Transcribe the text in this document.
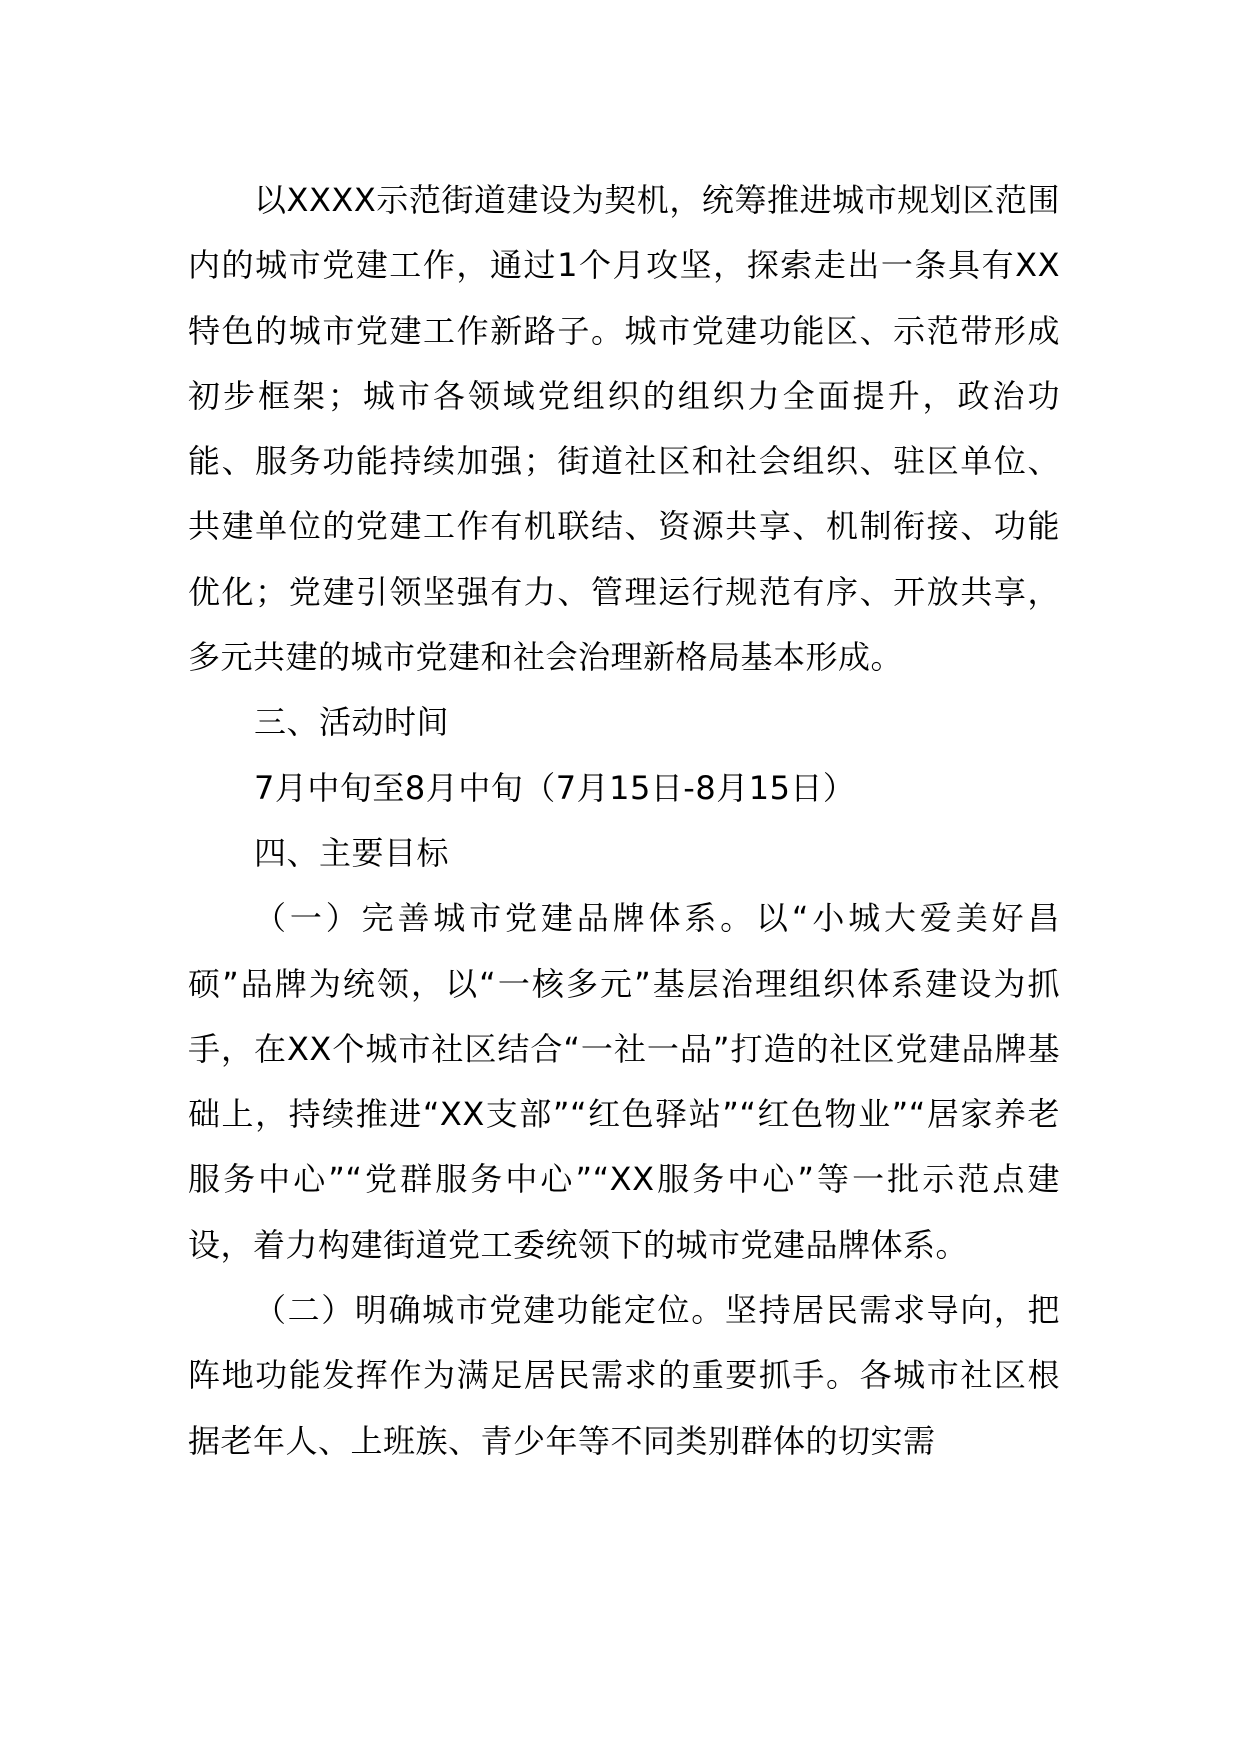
以XXXX示范街道建设为契机，统筹推进城市规划区范围内的城市党建工作，通过1个月攻坚，探索走出一条具有XX特色的城市党建工作新路子。城市党建功能区、示范带形成初步框架；城市各领域党组织的组织力全面提升，政治功能、服务功能持续加强；街道社区和社会组织、驻区单位、共建单位的党建工作有机联结、资源共享、机制衔接、功能优化；党建引领坚强有力、管理运行规范有序、开放共享，多元共建的城市党建和社会治理新格局基本形成。

三、活动时间

7月中旬至8月中旬（7月15日-8月15日）

四、主要目标

（一）完善城市党建品牌体系。以“小城大爱美好昌硕”品牌为统领，以“一核多元”基层治理组织体系建设为抓手，在XX个城市社区结合“一社一品”打造的社区党建品牌基础上，持续推进“XX支部”“红色驿站”“红色物业”“居家养老服务中心”“党群服务中心”“XX服务中心”等一批示范点建设，着力构建街道党工委统领下的城市党建品牌体系。

（二）明确城市党建功能定位。坚持居民需求导向，把阵地功能发挥作为满足居民需求的重要抓手。各城市社区根据老年人、上班族、青少年等不同类别群体的切实需
